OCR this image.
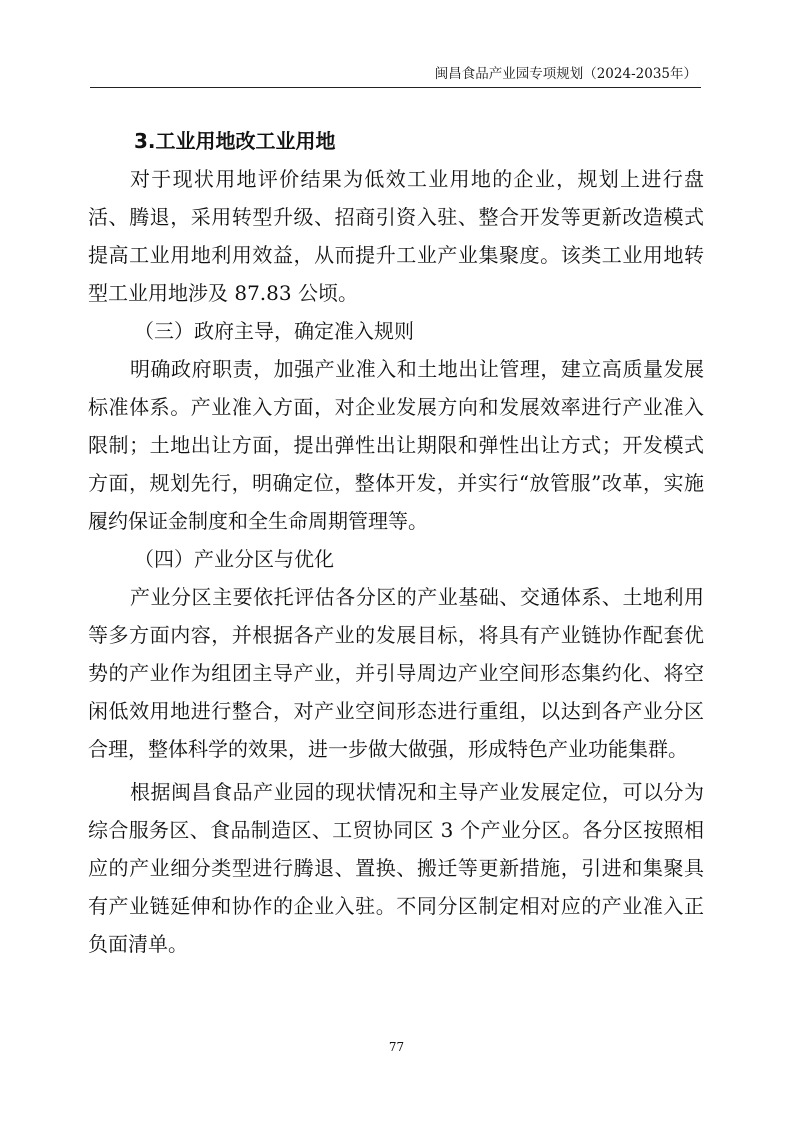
闽昌食品产业园专项规划（2024-2035年）

3.工业用地改工业用地

对于现状用地评价结果为低效工业用地的企业，规划上进行盘活、腾退，采用转型升级、招商引资入驻、整合开发等更新改造模式提高工业用地利用效益，从而提升工业产业集聚度。该类工业用地转型工业用地涉及 87.83 公顷。

（三）政府主导，确定准入规则

明确政府职责，加强产业准入和土地出让管理，建立高质量发展标准体系。产业准入方面，对企业发展方向和发展效率进行产业准入限制；土地出让方面，提出弹性出让期限和弹性出让方式；开发模式方面，规划先行，明确定位，整体开发，并实行“放管服”改革，实施履约保证金制度和全生命周期管理等。

（四）产业分区与优化

产业分区主要依托评估各分区的产业基础、交通体系、土地利用等多方面内容，并根据各产业的发展目标，将具有产业链协作配套优势的产业作为组团主导产业，并引导周边产业空间形态集约化、将空闲低效用地进行整合，对产业空间形态进行重组，以达到各产业分区合理，整体科学的效果，进一步做大做强，形成特色产业功能集群。

根据闽昌食品产业园的现状情况和主导产业发展定位，可以分为综合服务区、食品制造区、工贸协同区 3 个产业分区。各分区按照相应的产业细分类型进行腾退、置换、搬迁等更新措施，引进和集聚具有产业链延伸和协作的企业入驻。不同分区制定相对应的产业准入正负面清单。

77
